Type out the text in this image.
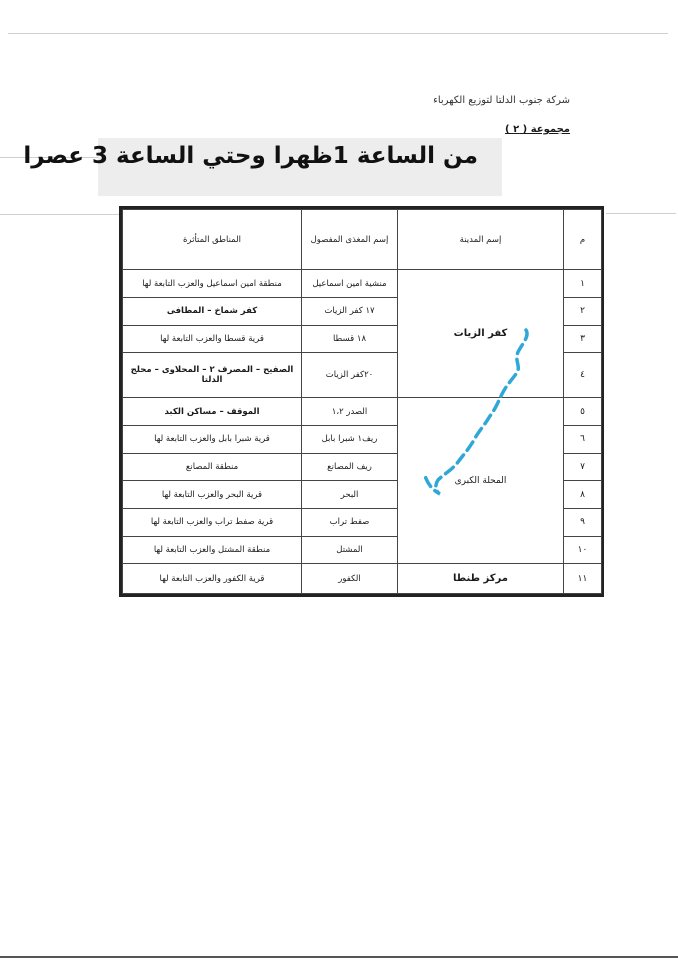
شركة جنوب الدلتا لتوزيع الكهرباء
مجموعة ( ٢ )
من الساعة 1ظهرا وحتي الساعة 3 عصرا
م	إسم المدينة	إسم المغذى المفصول	المناطق المتأثرة
١	كفر الزيات	منشية امين اسماعيل	منطقة امين اسماعيل والعزب التابعة لها
٢		١٧ كفر الزيات	كفر شماخ – المطافى
٣		١٨ قسطا	قرية قسطا والعزب التابعة لها
٤		٢٠كفر الزيات	الصفيح – المصرف ٢ – المحلاوى – محلج الدلتا
٥	المحلة الكبرى	الصدر ١،٢	الموقف – مساكن الكبد
٦		ريف١ شبرا بابل	قرية شبرا بابل والعزب التابعة لها
٧		ريف المصانع	منطقة المصانع
٨		البحر	قرية البحر والعزب التابعة لها
٩		صفط تراب	قرية صفط تراب والعزب التابعة لها
١٠		المشتل	منطقة المشتل والعزب التابعة لها
١١	مركز طنطا	الكفور	قرية الكفور والعزب التابعة لها
